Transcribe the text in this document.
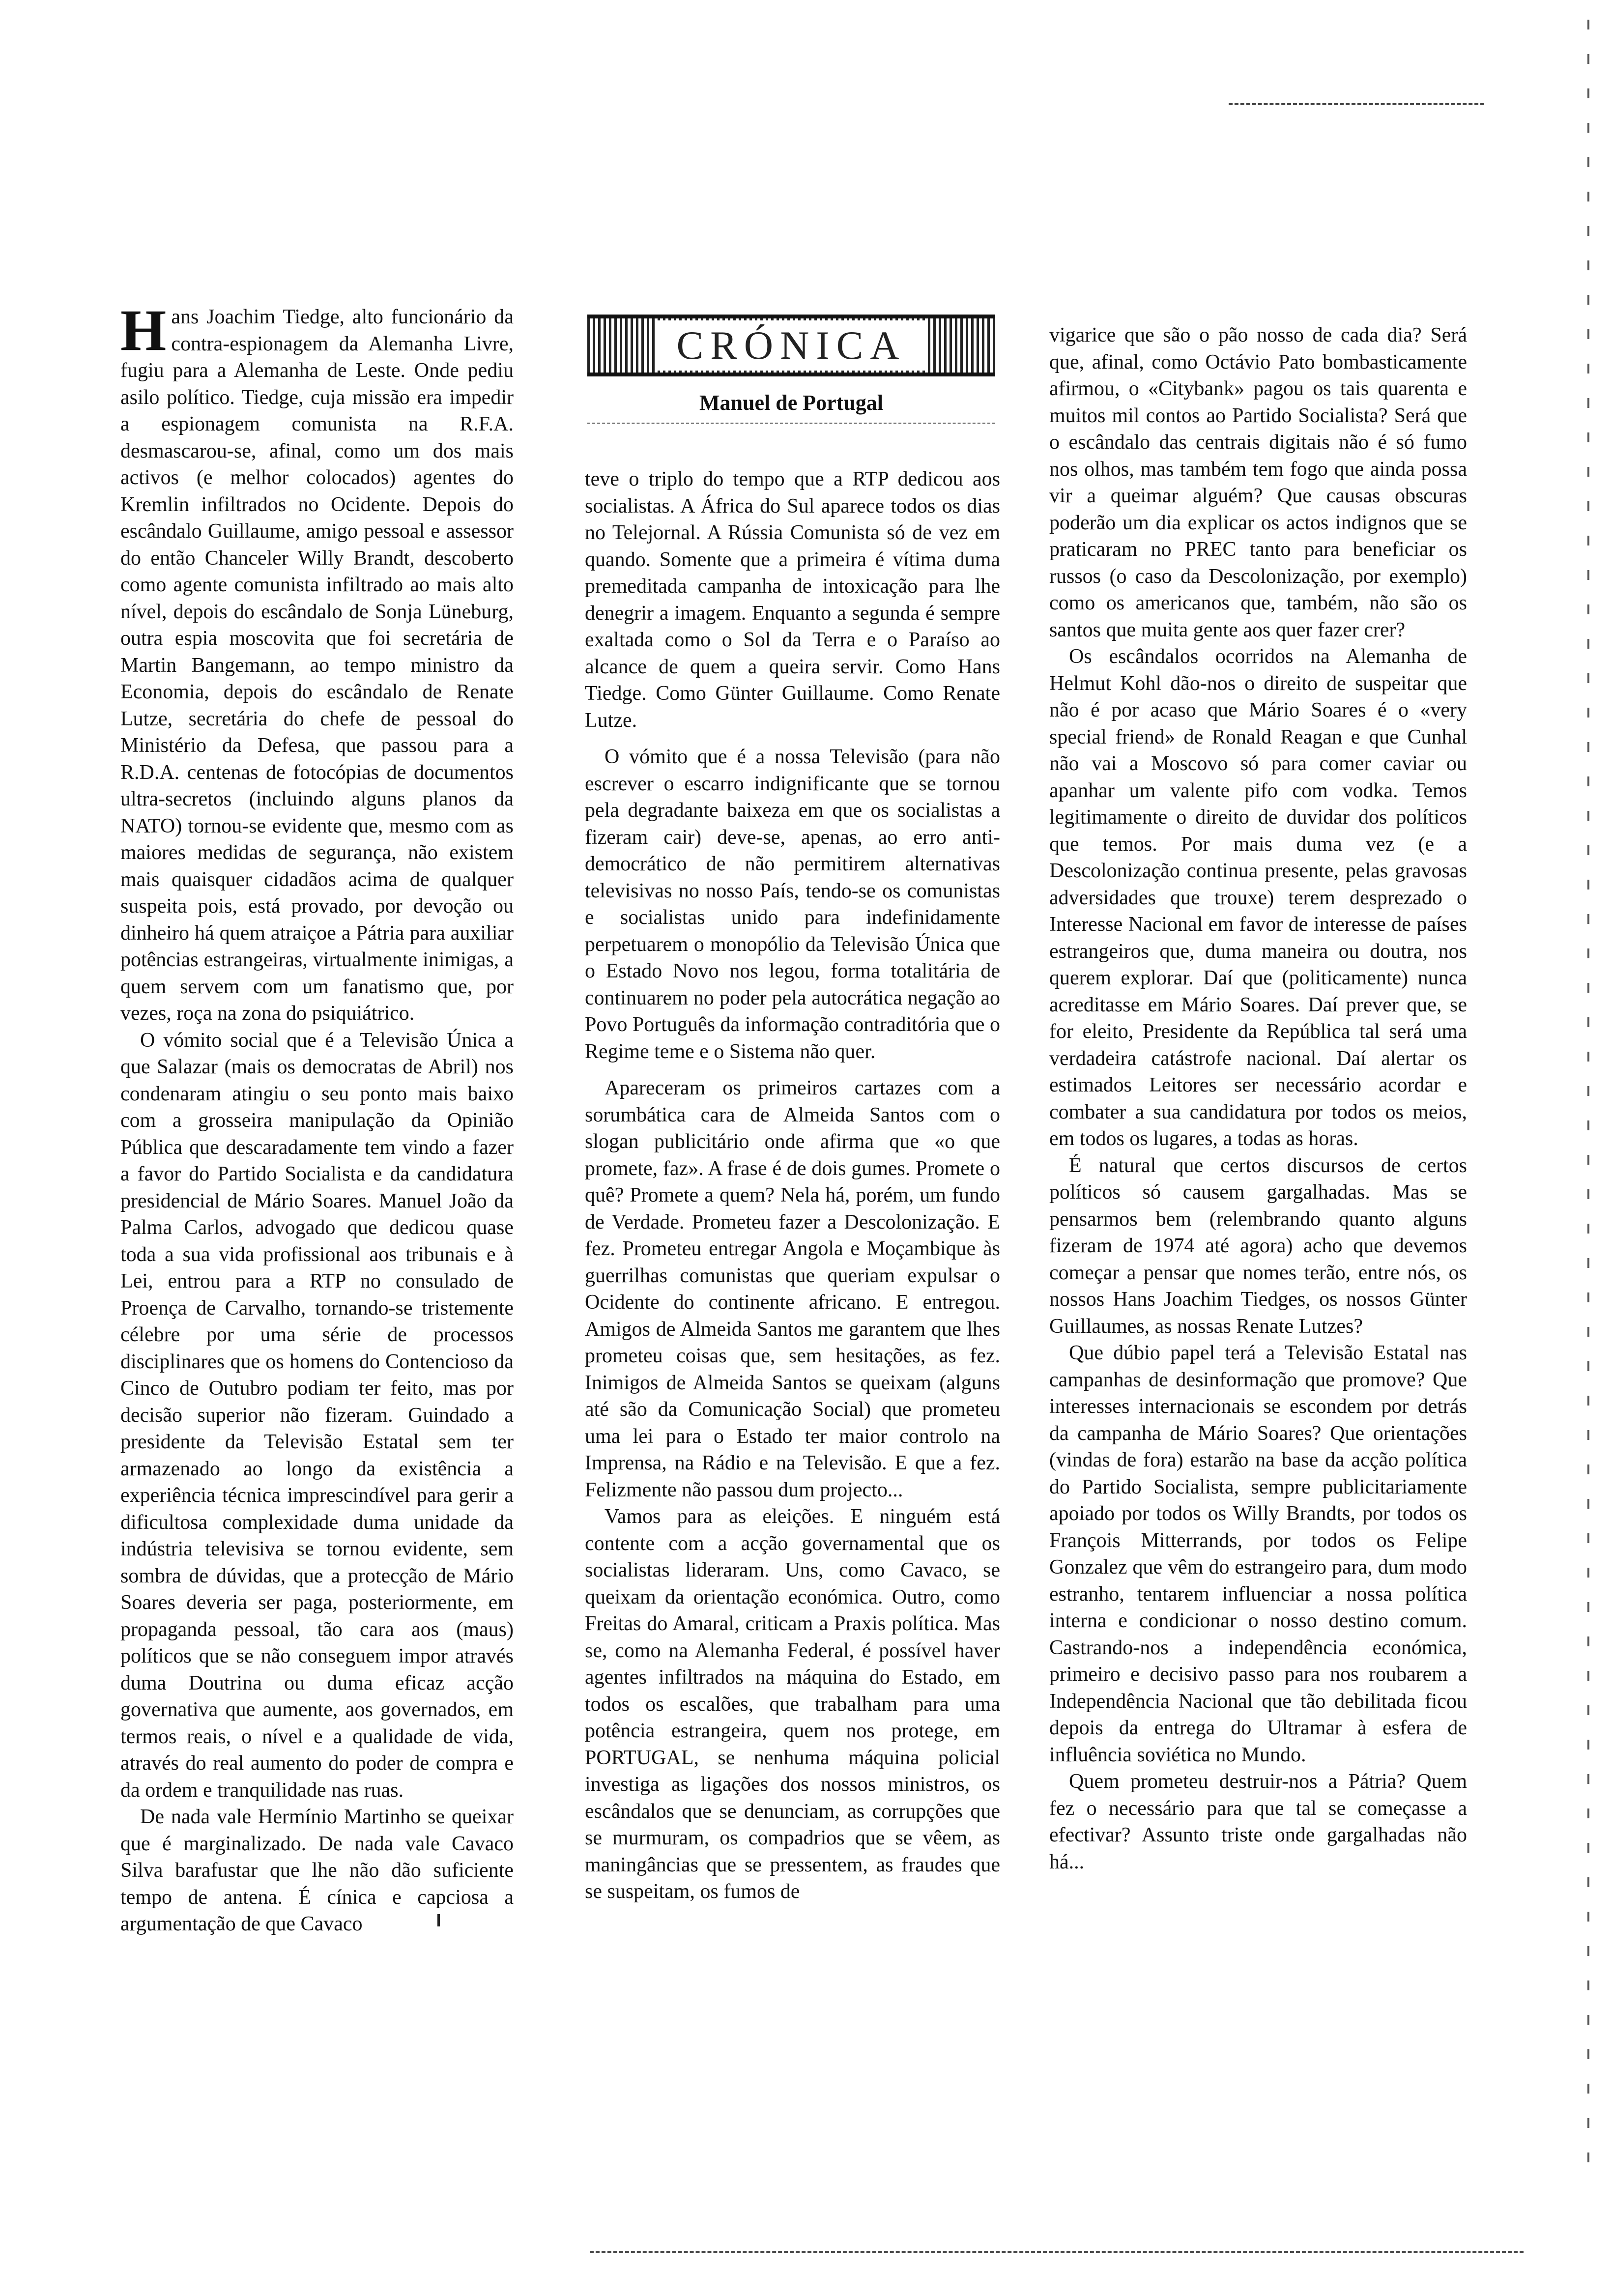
CRÓNICA
Manuel de Portugal

Hans Joachim Tiedge, alto funcionário da contra-espionagem da Alemanha Livre, fugiu para a Alemanha de Leste. Onde pediu asilo político. Tiedge, cuja missão era impedir a espionagem comunista na R.F.A. desmascarou-se, afinal, como um dos mais activos (e melhor colocados) agentes do Kremlin infiltrados no Ocidente. Depois do escândalo Guillaume, amigo pessoal e assessor do então Chanceler Willy Brandt, descoberto como agente comunista infiltrado ao mais alto nível, depois do escândalo de Sonja Lüneburg, outra espia moscovita que foi secretária de Martin Bangemann, ao tempo ministro da Economia, depois do escândalo de Renate Lutze, secretária do chefe de pessoal do Ministério da Defesa, que passou para a R.D.A. centenas de fotocópias de documentos ultra-secretos (incluindo alguns planos da NATO) tornou-se evidente que, mesmo com as maiores medidas de segurança, não existem mais quaisquer cidadãos acima de qualquer suspeita pois, está provado, por devoção ou dinheiro há quem atraiçoe a Pátria para auxiliar potências estrangeiras, virtualmente inimigas, a quem servem com um fanatismo que, por vezes, roça na zona do psiquiátrico.

O vómito social que é a Televisão Única a que Salazar (mais os democratas de Abril) nos condenaram atingiu o seu ponto mais baixo com a grosseira manipulação da Opinião Pública que descaradamente tem vindo a fazer a favor do Partido Socialista e da candidatura presidencial de Mário Soares. Manuel João da Palma Carlos, advogado que dedicou quase toda a sua vida profissional aos tribunais e à Lei, entrou para a RTP no consulado de Proença de Carvalho, tornando-se tristemente célebre por uma série de processos disciplinares que os homens do Contencioso da Cinco de Outubro podiam ter feito, mas por decisão superior não fizeram. Guindado a presidente da Televisão Estatal sem ter armazenado ao longo da existência a experiência técnica imprescindível para gerir a dificultosa complexidade duma unidade da indústria televisiva se tornou evidente, sem sombra de dúvidas, que a protecção de Mário Soares deveria ser paga, posteriormente, em propaganda pessoal, tão cara aos (maus) políticos que se não conseguem impor através duma Doutrina ou duma eficaz acção governativa que aumente, aos governados, em termos reais, o nível e a qualidade de vida, através do real aumento do poder de compra e da ordem e tranquilidade nas ruas.

De nada vale Hermínio Martinho se queixar que é marginalizado. De nada vale Cavaco Silva barafustar que lhe não dão suficiente tempo de antena. É cínica e capciosa a argumentação de que Cavaco

teve o triplo do tempo que a RTP dedicou aos socialistas. A África do Sul aparece todos os dias no Telejornal. A Rússia Comunista só de vez em quando. Somente que a primeira é vítima duma premeditada campanha de intoxicação para lhe denegrir a imagem. Enquanto a segunda é sempre exaltada como o Sol da Terra e o Paraíso ao alcance de quem a queira servir. Como Hans Tiedge. Como Günter Guillaume. Como Renate Lutze.

O vómito que é a nossa Televisão (para não escrever o escarro indignificante que se tornou pela degradante baixeza em que os socialistas a fizeram cair) deve-se, apenas, ao erro anti-democrático de não permitirem alternativas televisivas no nosso País, tendo-se os comunistas e socialistas unido para indefinidamente perpetuarem o monopólio da Televisão Única que o Estado Novo nos legou, forma totalitária de continuarem no poder pela autocrática negação ao Povo Português da informação contraditória que o Regime teme e o Sistema não quer.

Apareceram os primeiros cartazes com a sorumbática cara de Almeida Santos com o slogan publicitário onde afirma que «o que promete, faz». A frase é de dois gumes. Promete o quê? Promete a quem? Nela há, porém, um fundo de Verdade. Prometeu fazer a Descolonização. E fez. Prometeu entregar Angola e Moçambique às guerrilhas comunistas que queriam expulsar o Ocidente do continente africano. E entregou. Amigos de Almeida Santos me garantem que lhes prometeu coisas que, sem hesitações, as fez. Inimigos de Almeida Santos se queixam (alguns até são da Comunicação Social) que prometeu uma lei para o Estado ter maior controlo na Imprensa, na Rádio e na Televisão. E que a fez. Felizmente não passou dum projecto...

Vamos para as eleições. E ninguém está contente com a acção governamental que os socialistas lideraram. Uns, como Cavaco, se queixam da orientação económica. Outro, como Freitas do Amaral, criticam a Praxis política. Mas se, como na Alemanha Federal, é possível haver agentes infiltrados na máquina do Estado, em todos os escalões, que trabalham para uma potência estrangeira, quem nos protege, em PORTUGAL, se nenhuma máquina policial investiga as ligações dos nossos ministros, os escândalos que se denunciam, as corrupções que se murmuram, os compadrios que se vêem, as maningâncias que se pressentem, as fraudes que se suspeitam, os fumos de

vigarice que são o pão nosso de cada dia? Será que, afinal, como Octávio Pato bombasticamente afirmou, o «Citybank» pagou os tais quarenta e muitos mil contos ao Partido Socialista? Será que o escândalo das centrais digitais não é só fumo nos olhos, mas também tem fogo que ainda possa vir a queimar alguém? Que causas obscuras poderão um dia explicar os actos indignos que se praticaram no PREC tanto para beneficiar os russos (o caso da Descolonização, por exemplo) como os americanos que, também, não são os santos que muita gente aos quer fazer crer?

Os escândalos ocorridos na Alemanha de Helmut Kohl dão-nos o direito de suspeitar que não é por acaso que Mário Soares é o «very special friend» de Ronald Reagan e que Cunhal não vai a Moscovo só para comer caviar ou apanhar um valente pifo com vodka. Temos legitimamente o direito de duvidar dos políticos que temos. Por mais duma vez (e a Descolonização continua presente, pelas gravosas adversidades que trouxe) terem desprezado o Interesse Nacional em favor de interesse de países estrangeiros que, duma maneira ou doutra, nos querem explorar. Daí que (politicamente) nunca acreditasse em Mário Soares. Daí prever que, se for eleito, Presidente da República tal será uma verdadeira catástrofe nacional. Daí alertar os estimados Leitores ser necessário acordar e combater a sua candidatura por todos os meios, em todos os lugares, a todas as horas.

É natural que certos discursos de certos políticos só causem gargalhadas. Mas se pensarmos bem (relembrando quanto alguns fizeram de 1974 até agora) acho que devemos começar a pensar que nomes terão, entre nós, os nossos Hans Joachim Tiedges, os nossos Günter Guillaumes, as nossas Renate Lutzes?

Que dúbio papel terá a Televisão Estatal nas campanhas de desinformação que promove? Que interesses internacionais se escondem por detrás da campanha de Mário Soares? Que orientações (vindas de fora) estarão na base da acção política do Partido Socialista, sempre publicitariamente apoiado por todos os Willy Brandts, por todos os François Mitterrands, por todos os Felipe Gonzalez que vêm do estrangeiro para, dum modo estranho, tentarem influenciar a nossa política interna e condicionar o nosso destino comum. Castrando-nos a independência económica, primeiro e decisivo passo para nos roubarem a Independência Nacional que tão debilitada ficou depois da entrega do Ultramar à esfera de influência soviética no Mundo.

Quem prometeu destruir-nos a Pátria? Quem fez o necessário para que tal se começasse a efectivar? Assunto triste onde gargalhadas não há...
